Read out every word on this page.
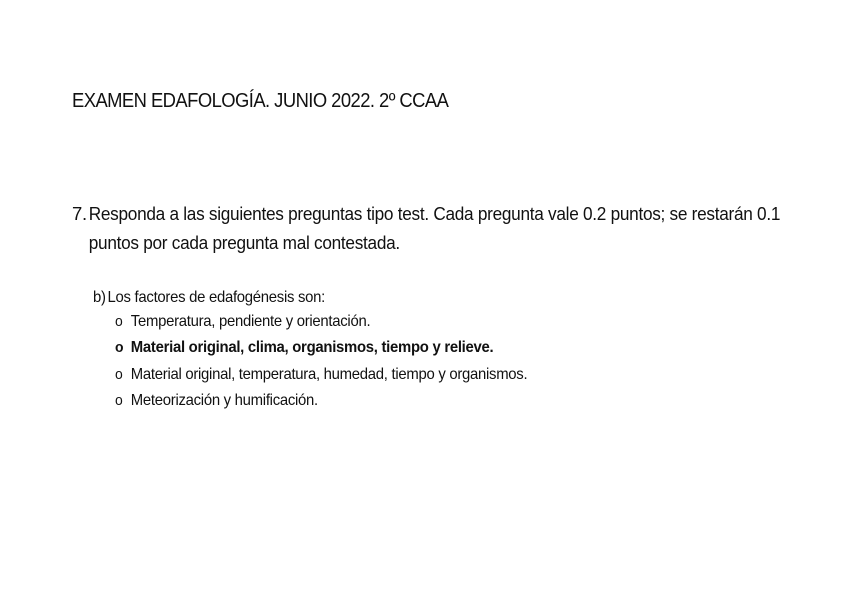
EXAMEN EDAFOLOGÍA. JUNIO 2022. 2º CCAA
7. Responda a las siguientes preguntas tipo test. Cada pregunta vale 0.2 puntos; se restarán 0.1 puntos por cada pregunta mal contestada.
b) Los factores de edafogénesis son:
o Temperatura, pendiente y orientación.
o Material original, clima, organismos, tiempo y relieve.
o Material original, temperatura, humedad, tiempo y organismos.
o Meteorización y humificación.
